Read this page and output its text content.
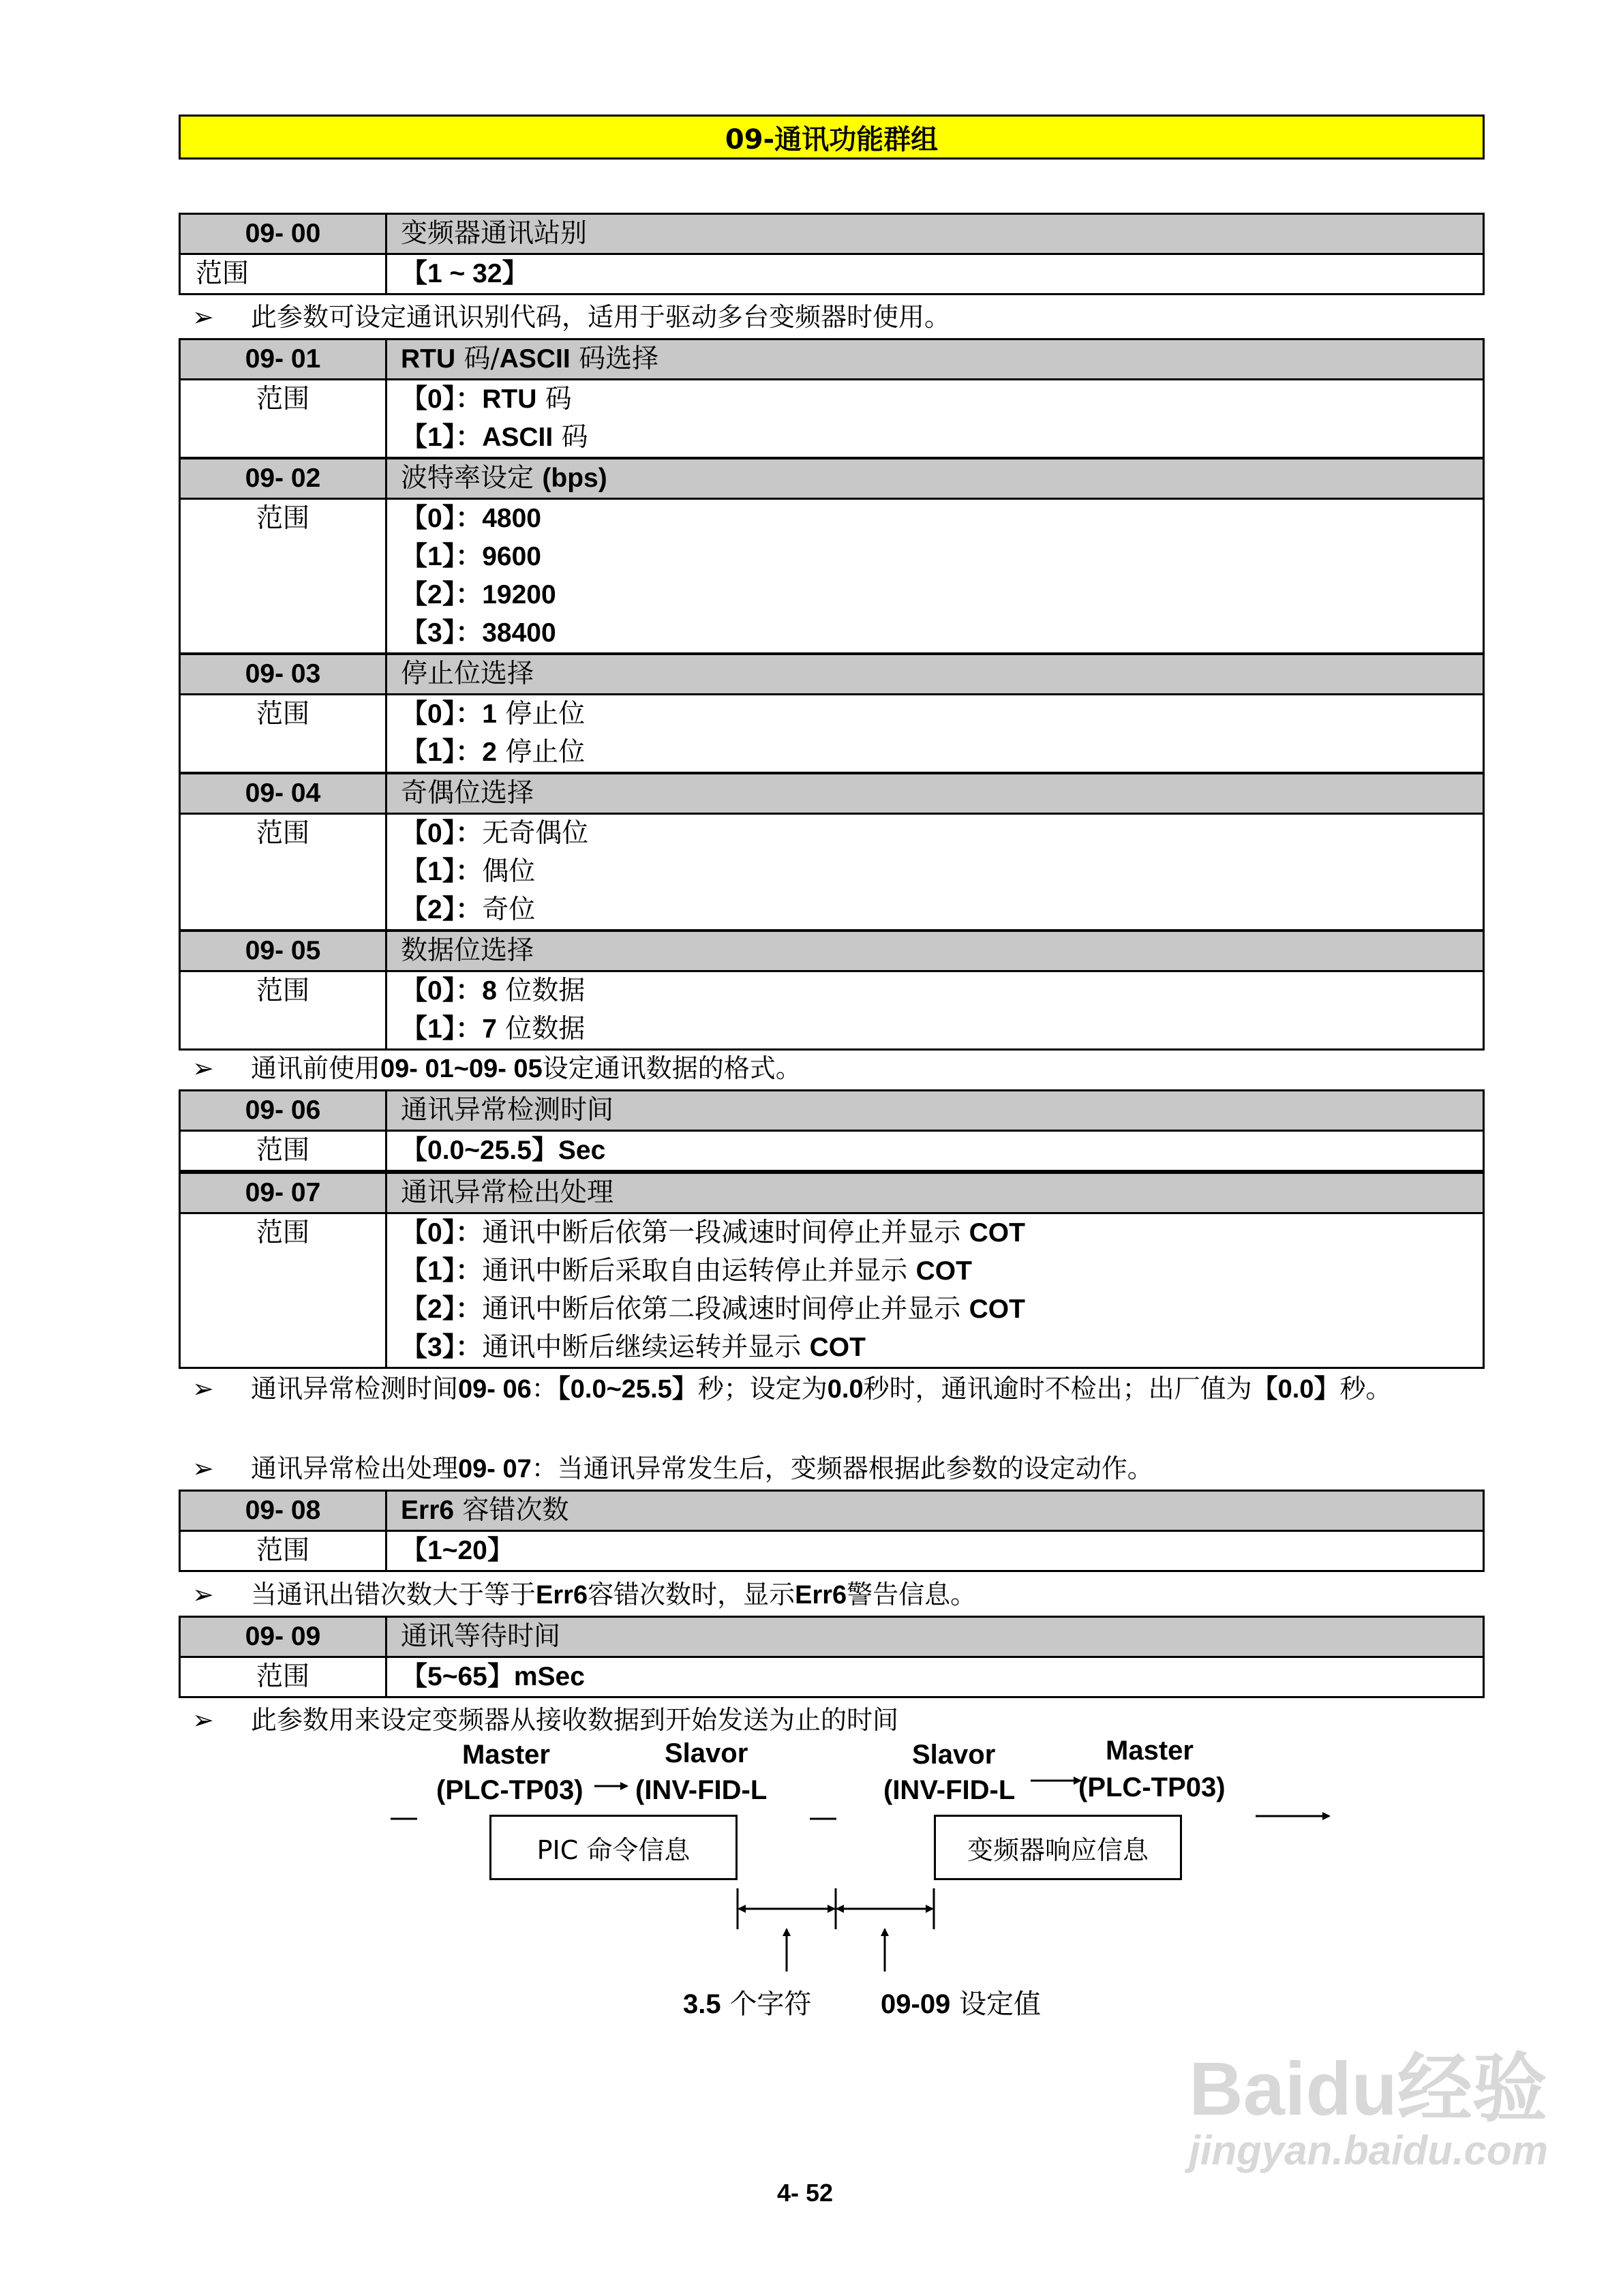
09-通讯功能群组
09- 00	变频器通讯站别
范围	【1 ~ 32】
➢	此参数可设定通讯识别代码，适用于驱动多台变频器时使用。
09- 01	RTU 码/ASCII 码选择
范围	【0】：RTU 码
【1】：ASCII 码
09- 02	波特率设定 (bps)
范围	【0】：4800
【1】：9600
【2】：19200
【3】：38400
09- 03	停止位选择
范围	【0】：1 停止位
【1】：2 停止位
09- 04	奇偶位选择
范围	【0】：无奇偶位
【1】：偶位
【2】：奇位
09- 05	数据位选择
范围	【0】：8 位数据
【1】：7 位数据
➢	通讯前使用09- 01~09- 05设定通讯数据的格式。
09- 06	通讯异常检测时间
范围	【0.0~25.5】Sec
09- 07	通讯异常检出处理
范围	【0】：通讯中断后依第一段减速时间停止并显示 COT
【1】：通讯中断后采取自由运转停止并显示 COT
【2】：通讯中断后依第二段减速时间停止并显示 COT
【3】：通讯中断后继续运转并显示 COT
➢	通讯异常检测时间09- 06：【0.0~25.5】秒；设定为0.0秒时，通讯逾时不检出；出厂值为【0.0】秒。
➢	通讯异常检出处理09- 07：当通讯异常发生后，变频器根据此参数的设定动作。
09- 08	Err6 容错次数
范围	【1~20】
➢	当通讯出错次数大于等于Err6容错次数时，显示Err6警告信息。
09- 09	通讯等待时间
范围	【5~65】mSec
➢	此参数用来设定变频器从接收数据到开始发送为止的时间
Master
(PLC-TP03)
Slavor
(INV-FID-L
Slavor
(INV-FID-L
Master
(PLC-TP03)
PIC 命令信息	变频器响应信息
3.5 个字符	09-09 设定值
4- 52
Baidu经验
jingyan.baidu.com
